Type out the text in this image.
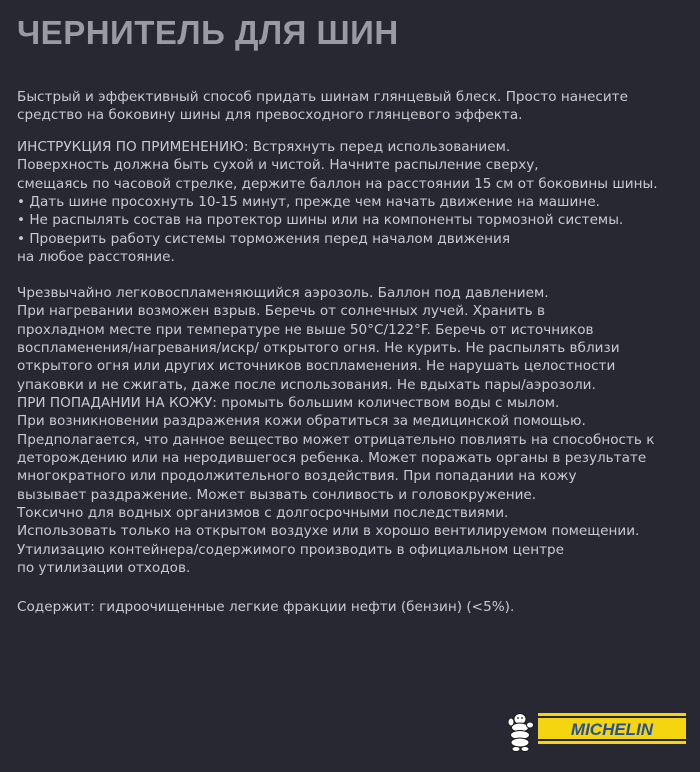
ЧЕРНИТЕЛЬ ДЛЯ ШИН
Быстрый и эффективный способ придать шинам глянцевый блеск. Просто нанесите
средство на боковину шины для превосходного глянцевого эффекта.
ИНСТРУКЦИЯ ПО ПРИМЕНЕНИЮ: Встряхнуть перед использованием.
Поверхность должна быть сухой и чистой. Начните распыление сверху,
смещаясь по часовой стрелке, держите баллон на расстоянии 15 см от боковины шины.
• Дать шине просохнуть 10-15 минут, прежде чем начать движение на машине.
• Не распылять состав на протектор шины или на компоненты тормозной системы.
• Проверить работу системы торможения перед началом движения
на любое расстояние.
Чрезвычайно легковоспламеняющийся аэрозоль. Баллон под давлением.
При нагревании возможен взрыв. Беречь от солнечных лучей. Хранить в
прохладном месте при температуре не выше 50°C/122°F. Беречь от источников
воспламенения/нагревания/искр/ открытого огня. Не курить. Не распылять вблизи
открытого огня или других источников воспламенения. Не нарушать целостности
упаковки и не сжигать, даже после использования. Не вдыхать пары/аэрозоли.
ПРИ ПОПАДАНИИ НА КОЖУ: промыть большим количеством воды с мылом.
При возникновении раздражения кожи обратиться за медицинской помощью.
Предполагается, что данное вещество может отрицательно повлиять на способность к
деторождению или на неродившегося ребенка. Может поражать органы в результате
многократного или продолжительного воздействия. При попадании на кожу
вызывает раздражение. Может вызвать сонливость и головокружение.
Токсично для водных организмов с долгосрочными последствиями.
Использовать только на открытом воздухе или в хорошо вентилируемом помещении.
Утилизацию контейнера/содержимого производить в официальном центре
по утилизации отходов.
Содержит: гидроочищенные легкие фракции нефти (бензин) (<5%).
MICHELIN
